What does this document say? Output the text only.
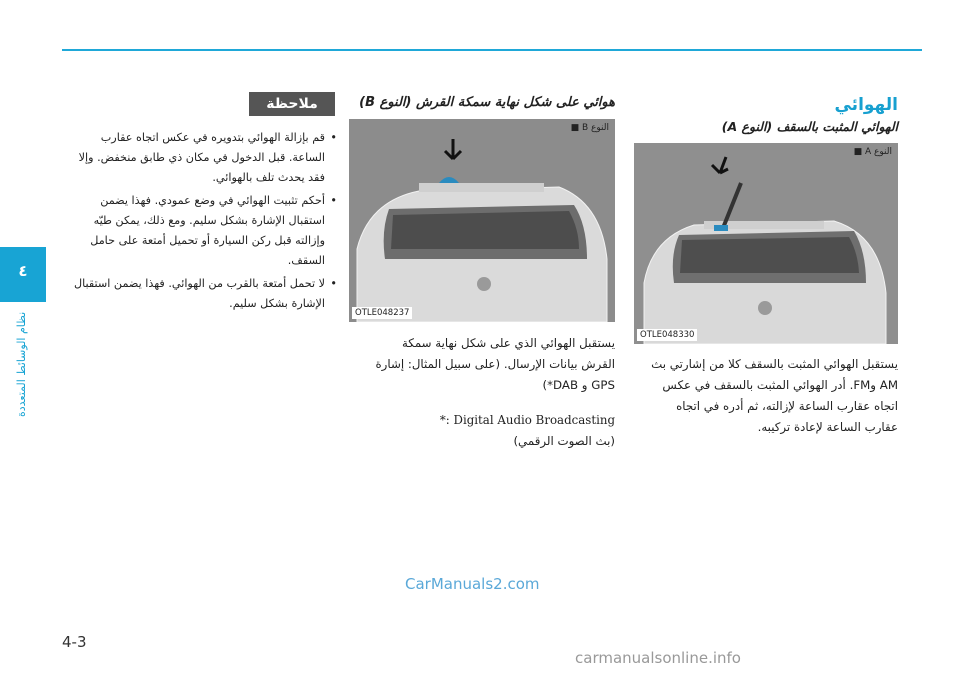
٤
نظام الوسائط المتعددة
الهوائي
الهوائي المثبت بالسقف (النوع A)
النوع A ■
OTLE048330

يستقبل الهوائي المثبت بالسقف كلا من إشارتي بث

AM وFM. أدر الهوائي المثبت بالسقف في عكس

اتجاه عقارب الساعة لإزالته، ثم أدره في اتجاه

عقارب الساعة لإعادة تركيبه.

هوائي على شكل نهاية سمكة القرش (النوع B)
النوع B ■
OTLE048237

يستقبل الهوائي الذي على شكل نهاية سمكة

القرش بيانات الإرسال. (على سبيل المثال: إشارة

GPS و DAB*)

*: Digital Audio Broadcasting

(بث الصوت الرقمي)

ملاحظة
• قم بإزالة الهوائي بتدويره في عكس اتجاه عقارب الساعة. قبل الدخول في مكان ذي طابق منخفض. وإلا فقد يحدث تلف بالهوائي.
• أحكم تثبيت الهوائي في وضع عمودي. فهذا يضمن استقبال الإشارة بشكل سليم. ومع ذلك، يمكن طيّه وإزالته قبل ركن السيارة أو تحميل أمتعة على حامل السقف.
• لا تحمل أمتعة بالقرب من الهوائي. فهذا يضمن استقبال الإشارة بشكل سليم.
CarManuals2.com
carmanualsonline.info
4-3
